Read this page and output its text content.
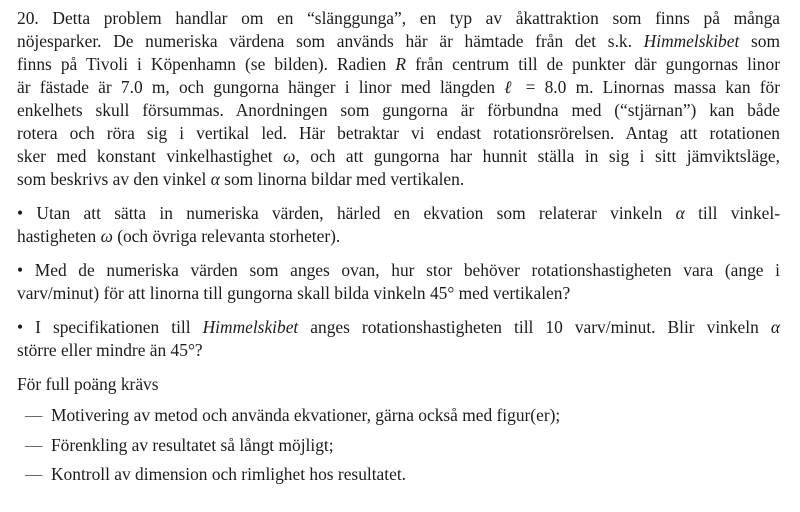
20. Detta problem handlar om en “slänggunga”, en typ av åkattraktion som finns på många
nöjesparker. De numeriska värdena som används här är hämtade från det s.k. Himmelskibet som
finns på Tivoli i Köpenhamn (se bilden). Radien R från centrum till de punkter där gungornas linor
är fästade är 7.0 m, och gungorna hänger i linor med längden ℓ = 8.0 m. Linornas massa kan för
enkelhets skull försummas. Anordningen som gungorna är förbundna med (“stjärnan”) kan både
rotera och röra sig i vertikal led. Här betraktar vi endast rotationsrörelsen. Antag att rotationen
sker med konstant vinkelhastighet ω, och att gungorna har hunnit ställa in sig i sitt jämviktsläge,
som beskrivs av den vinkel α som linorna bildar med vertikalen.
• Utan att sätta in numeriska värden, härled en ekvation som relaterar vinkeln α till vinkel-
hastigheten ω (och övriga relevanta storheter).
• Med de numeriska värden som anges ovan, hur stor behöver rotationshastigheten vara (ange i
varv/minut) för att linorna till gungorna skall bilda vinkeln 45° med vertikalen?
• I specifikationen till Himmelskibet anges rotationshastigheten till 10 varv/minut. Blir vinkeln α
större eller mindre än 45°?
För full poäng krävs
— Motivering av metod och använda ekvationer, gärna också med figur(er);
— Förenkling av resultatet så långt möjligt;
— Kontroll av dimension och rimlighet hos resultatet.
